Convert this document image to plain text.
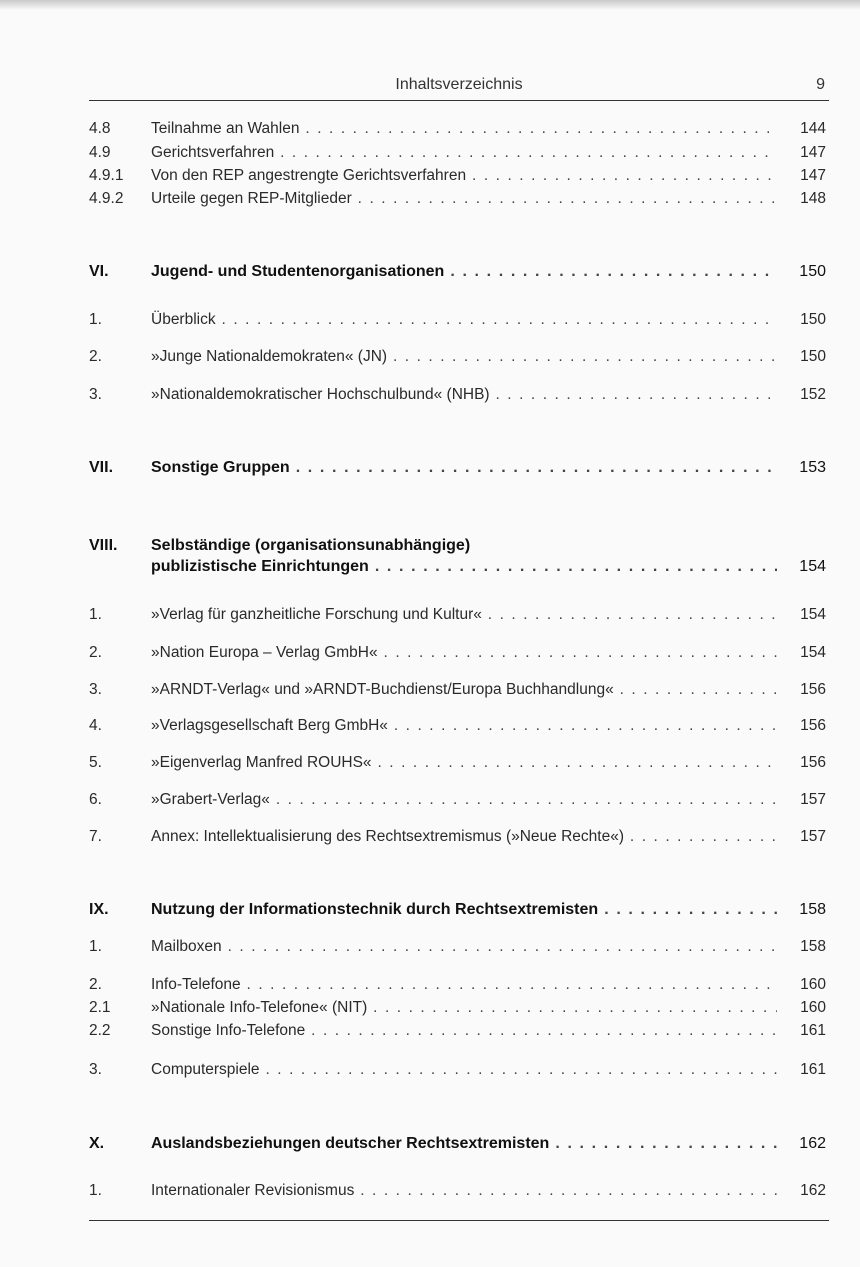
Inhaltsverzeichnis	9
4.8	Teilnahme an Wahlen . . .	144
4.9	Gerichtsverfahren . . .	147
4.9.1 Von den REP angestrengte Gerichtsverfahren . . .	147
4.9.2 Urteile gegen REP-Mitglieder . . .	148
VI.	Jugend- und Studentenorganisationen . . .	150
1.	Überblick . . .	150
2.	»Junge Nationaldemokraten« (JN) . . .	150
3.	»Nationaldemokratischer Hochschulbund« (NHB) . . .	152
VII. Sonstige Gruppen . . .	153
VIII. Selbständige (organisationsunabhängige)
publizistische Einrichtungen . . .	154
1.	»Verlag für ganzheitliche Forschung und Kultur« . . .	154
2.	»Nation Europa – Verlag GmbH« . . .	154
3.	»ARNDT-Verlag« und »ARNDT-Buchdienst/Europa Buchhandlung« . . .	156
4.	»Verlagsgesellschaft Berg GmbH« . . .	156
5.	»Eigenverlag Manfred ROUHS« . . .	156
6.	»Grabert-Verlag« . . .	157
7.	Annex: Intellektualisierung des Rechtsextremismus (»Neue Rechte«) . . .	157
IX.	Nutzung der Informationstechnik durch Rechtsextremisten . . .	158
1.	Mailboxen . . .	158
2.	Info-Telefone . . .	160
2.1	»Nationale Info-Telefone« (NIT) . . .	160
2.2	Sonstige Info-Telefone . . .	161
3.	Computerspiele . . .	161
X.	Auslandsbeziehungen deutscher Rechtsextremisten . . .	162
1.	Internationaler Revisionismus . . .	162
